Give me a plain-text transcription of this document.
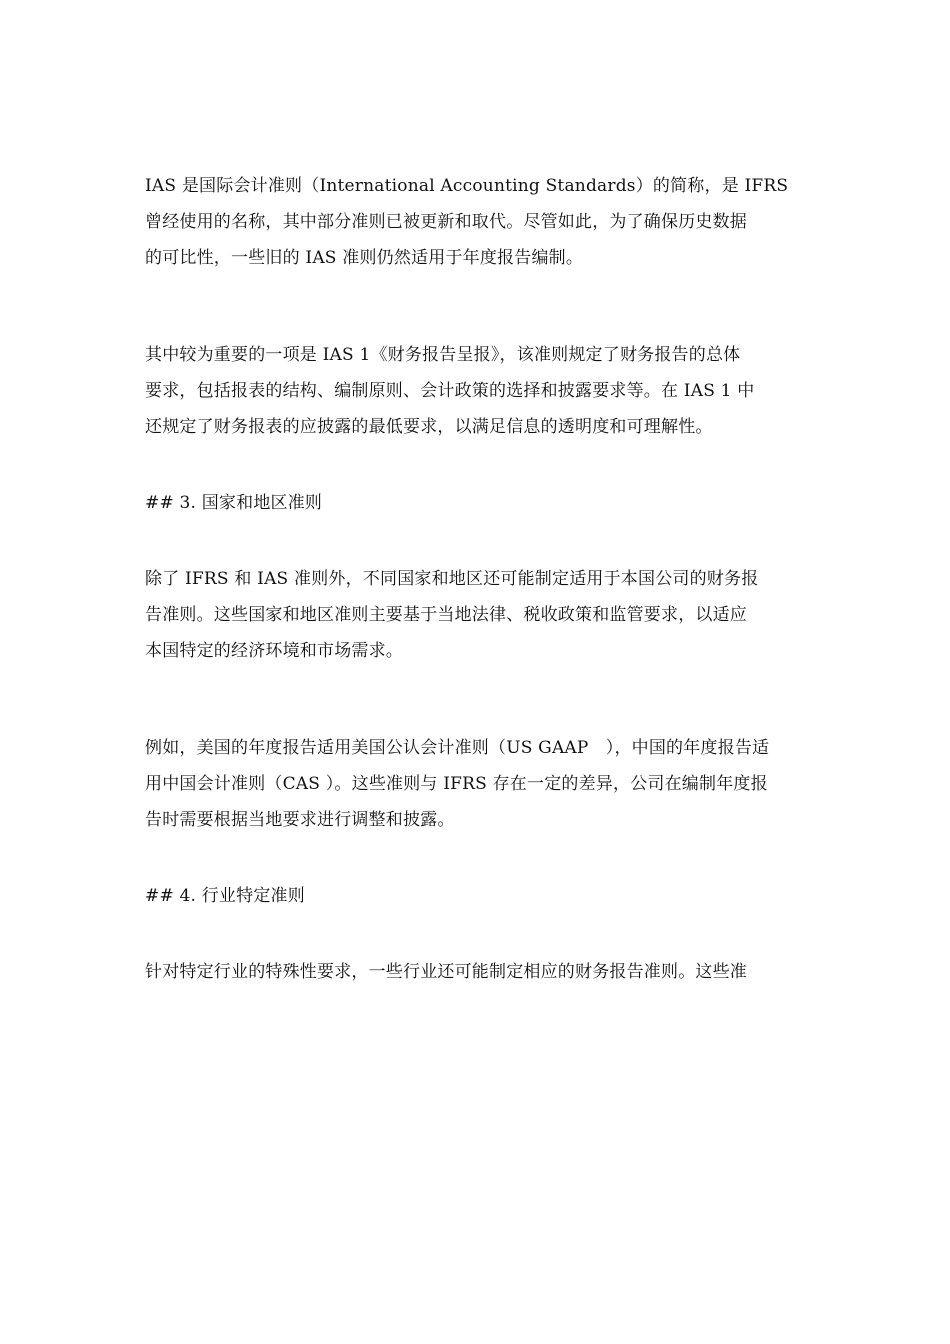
IAS 是国际会计准则（International Accounting Standards）的简称，是 IFRS
曾经使用的名称，其中部分准则已被更新和取代。尽管如此，为了确保历史数据
的可比性，一些旧的 IAS 准则仍然适用于年度报告编制。

其中较为重要的一项是 IAS 1《财务报告呈报》，该准则规定了财务报告的总体
要求，包括报表的结构、编制原则、会计政策的选择和披露要求等。在 IAS 1 中
还规定了财务报表的应披露的最低要求，以满足信息的透明度和可理解性。

## 3. 国家和地区准则

除了 IFRS 和 IAS 准则外，不同国家和地区还可能制定适用于本国公司的财务报
告准则。这些国家和地区准则主要基于当地法律、税收政策和监管要求，以适应
本国特定的经济环境和市场需求。

例如，美国的年度报告适用美国公认会计准则（US GAAP　），中国的年度报告适
用中国会计准则（CAS ）。这些准则与 IFRS 存在一定的差异，公司在编制年度报
告时需要根据当地要求进行调整和披露。

## 4. 行业特定准则

针对特定行业的特殊性要求，一些行业还可能制定相应的财务报告准则。这些准
